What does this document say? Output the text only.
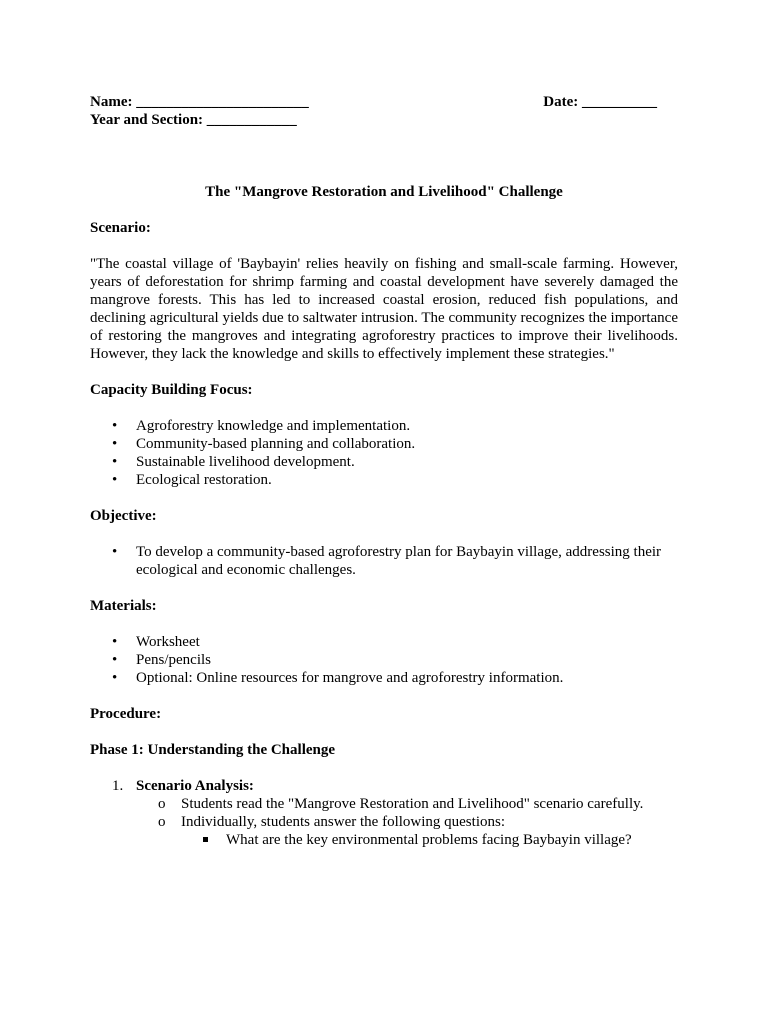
Name: _______________________	Date: __________
Year and Section: ____________
The "Mangrove Restoration and Livelihood" Challenge
Scenario:
"The coastal village of 'Baybayin' relies heavily on fishing and small-scale farming. However, years of deforestation for shrimp farming and coastal development have severely damaged the mangrove forests. This has led to increased coastal erosion, reduced fish populations, and declining agricultural yields due to saltwater intrusion. The community recognizes the importance of restoring the mangroves and integrating agroforestry practices to improve their livelihoods. However, they lack the knowledge and skills to effectively implement these strategies."
Capacity Building Focus:
• Agroforestry knowledge and implementation.
• Community-based planning and collaboration.
• Sustainable livelihood development.
• Ecological restoration.
Objective:
• To develop a community-based agroforestry plan for Baybayin village, addressing their ecological and economic challenges.
Materials:
• Worksheet
• Pens/pencils
• Optional: Online resources for mangrove and agroforestry information.
Procedure:
Phase 1: Understanding the Challenge
1. Scenario Analysis:
o Students read the "Mangrove Restoration and Livelihood" scenario carefully.
o Individually, students answer the following questions:
What are the key environmental problems facing Baybayin village?
